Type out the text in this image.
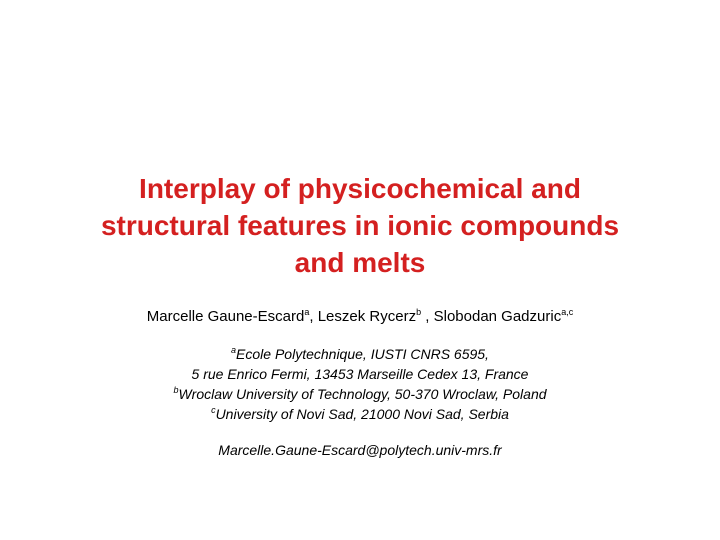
Interplay of physicochemical and
structural features in ionic compounds
and melts

Marcelle Gaune-Escard$^a$, Leszek Rycerz$^b$ , Slobodan Gadzuric$^{a,c}$

$^a$Ecole Polytechnique, IUSTI CNRS 6595,
5 rue Enrico Fermi, 13453 Marseille Cedex 13, France
$^b$Wroclaw University of Technology, 50-370 Wroclaw, Poland
$^c$University of Novi Sad, 21000 Novi Sad, Serbia

Marcelle.Gaune-Escard@polytech.univ-mrs.fr
